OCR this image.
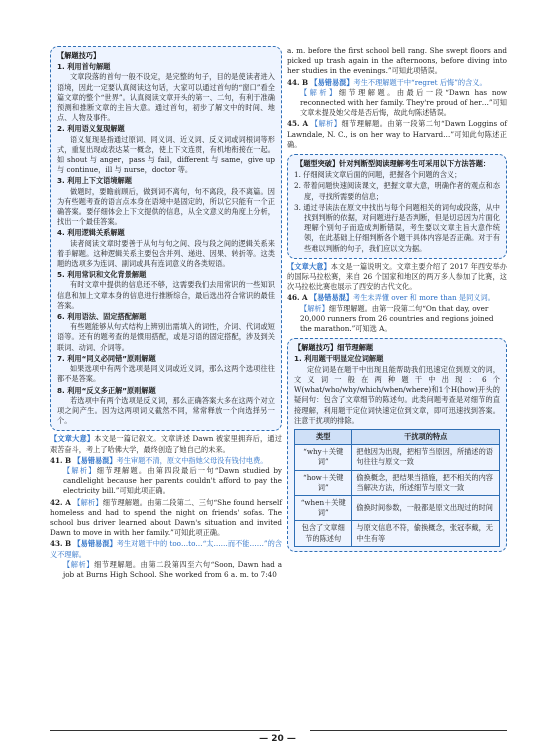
【解题技巧】
1. 利用首句解题

文章段落的首句一般不设定，是完整的句子，目的是使读者进入语境，因此一定要认真阅读这句话，大家可以通过首句的“窗口”看全篇文章的整个“世界”。认真阅读文章开头的第一、二句，有利于准确预测和推断文章的主旨大意。通过首句，初步了解文中的时间、地点、人物及事件。

2. 利用语义复现解题

语义复现是指通过原词、同义词、近义词、反义词或词根词等形式，重复出现或表达某一概念，使上下文连贯，有机地衔接在一起。如 shout 与 anger，pass 与 fail，different 与 same，give up 与 continue，ill 与 nurse，doctor 等。

3. 利用上下文语境解题

做题时，要瞻前顾后，做到词不离句，句不离段，段不离篇。因为有些题考查的语言点本身在语境中是固定的，所以它只能有一个正确答案。要仔细体会上下文提供的信息，从全文意义的角度上分析，找出一个最佳答案。

4. 利用逻辑关系解题

读者阅读文章时要善于从句与句之间、段与段之间的逻辑关系来着手解题。这种逻辑关系主要包含并列、递进、因果、转折等。这类题的选项多为连词、副词或具有连词意义的各类短语。

5. 利用常识和文化背景解题

有时文章中提供的信息还不够，这需要我们去用常识的一些知识信息和加上文章本身的信息进行推断综合，最后选出符合常识的最佳答案。

6. 利用语法、固定搭配解题

有些题能够从句式结构上辨别出需填入的词性，介词、代词或短语等。还有的题考查的是惯用搭配，或是习语的固定搭配，涉及到关联词、动词、介词等。

7. 利用“同义必同错”原则解题

如果选项中有两个选项是同义词或近义词，那么这两个选项往往都不是答案。

8. 利用“反义多正解”原则解题

若选项中有两个选项是反义词，那么正确答案大多在这两个对立项之间产生。因为这两项词义截然不同，常常释放一个向选择另一个。

【文章大意】本文是一篇记叙文。文章讲述 Dawn 被家里拥弃后，通过艰苦奋斗，考上了哈佛大学，最终创造了她自己的未来。

41. B 【易错易混】考生审题不清，原文中指她父母没有钱付电费。

【解析】细节理解题。由第四段最后一句“Dawn studied by candlelight because her parents couldn't afford to pay the electricity bill.”可知此项正确。

42. A 【解析】细节理解题。由第二段第二、三句“She found herself homeless and had to spend the night on friends' sofas. The school bus driver learned about Dawn's situation and invited Dawn to move in with her family.”可知此项正确。

43. B 【易错易混】考生对题干中的 too…to…“太……而不能……”的含义不理解。

【解析】细节理解题。由第二段第四至六句“Soon, Dawn had a job at Burns High School. She worked from 6 a. m. to 7:40

a. m. before the first school bell rang. She swept floors and picked up trash again in the afternoons, before diving into her studies in the evenings.”可知此项错误。

44. B 【易错易混】考生不理解题干中“regret 后悔”的含义。

【解析】细节理解题。由最后一段“Dawn has now reconnected with her family. They're proud of her…”可知文章未提及她父母是否后悔，故此句陈述错误。

45. A 【解析】细节理解题。由第一段第二句“Dawn Loggins of Lawndale, N. C., is on her way to Harvard…”可知此句陈述正确。

【题型突破】针对判断型阅读理解考生可采用以下方法答题：

1. 仔细阅读文章后面的问题，把握各个问题的含义；

2. 带着问题快速阅读课文，把握文章大意，明确作者的观点和态度，寻找所需要的信息；

3. 通过寻读法在原文中找出与每个问题相关的词句或段落，从中找到判断的依据，对问题进行是否判断，但是切忌因为片面化理解个别句子而造成判断错误，考生要以文章主旨大意作统领，在此基础上仔细判断各个题干具体内容是否正确。对于有些难以判断的句子，我们应以文为据。

【文章大意】本文是一篇说明文。文章主要介绍了 2017 年西安举办的国际马拉松赛，来自 26 个国家和地区的两万多人参加了比赛，这次马拉松比赛也展示了西安的古代文化。

46. A 【易错易混】考生未弄懂 over 和 more than 是同义词。

【解析】细节理解题。由第一段第二句“On that day, over 20,000 runners from 26 countries and regions joined the marathon.”可知选 A。

【解题技巧】细节理解题
1. 利用题干明显定位词解题

定位词是在题干中出现且能帮助我们迅速定位到原文的词，文义词一般在两种题干中出现：6个W(what/who/why/which/when/where)和1个H(how)开头的疑问句：包含了文章细节的陈述句。此类问题考查是对细节的直接理解，利用题干定位词快速定位到文章，即可迅速找到答案。注意干扰项的排除。

类型	干扰项的特点
“why＋关键词”	把他因为出现，把相节当原因，所描述的语句往往与原文一致
“how＋关键词”	偷换概念，把结果当措施，把不相关的内容当解决方法，所述细节与原文一致
“when＋关键词”	偷换时间参数，一般都是原文出现过的时间
包含了文章细节的陈述句	与原文信息不符，偷换概念，张冠李戴，无中生有等
— 20 —
